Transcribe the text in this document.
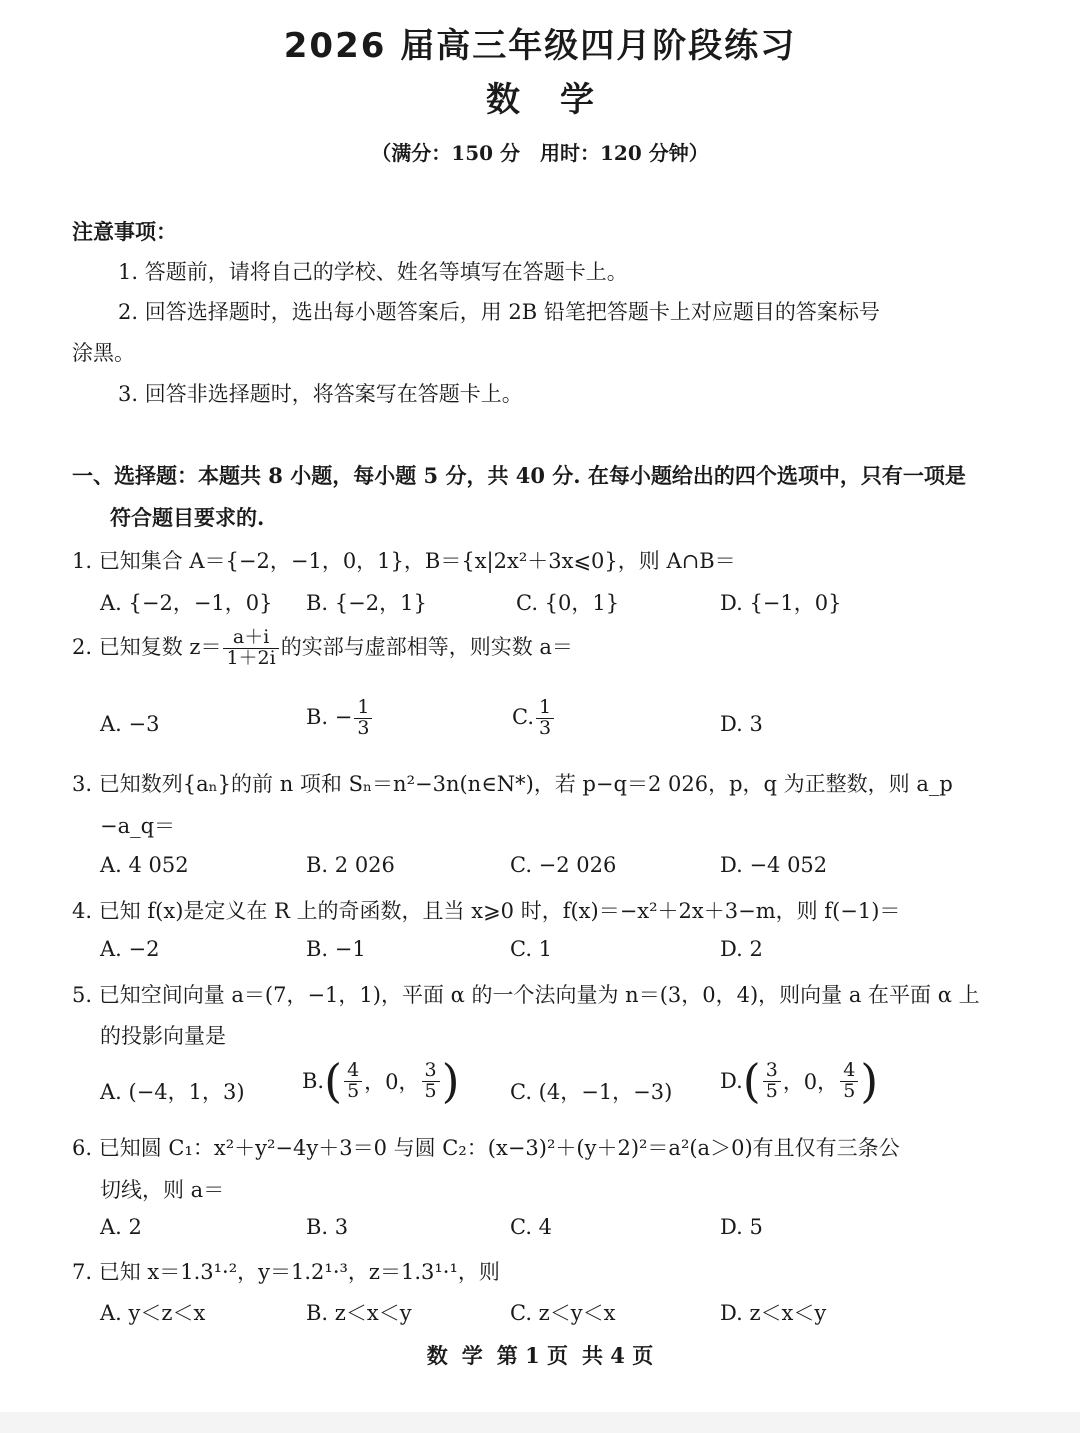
2026 届高三年级四月阶段练习
数 学
（满分：150 分　用时：120 分钟）
注意事项：
1. 答题前，请将自己的学校、姓名等填写在答题卡上。
2. 回答选择题时，选出每小题答案后，用 2B 铅笔把答题卡上对应题目的答案标号
涂黑。
3. 回答非选择题时，将答案写在答题卡上。
一、选择题：本题共 8 小题，每小题 5 分，共 40 分. 在每小题给出的四个选项中，只有一项是
符合题目要求的.
1. 已知集合 A＝{−2，−1，0，1}，B＝{x|2x²＋3x⩽0}，则 A∩B＝
A. {−2，−1，0} B. {−2，1}	C. {0，1}	D. {−1，0}
2. 已知复数 $z= \frac{a+i}{1+2i}$ 的实部与虚部相等，则实数 a＝
A. −3	B. − $\frac{1}{3}$	C. $\frac{1}{3}$	D. 3
3. 已知数列{aₙ}的前 n 项和 Sₙ＝n²−3n(n∈N*)，若 p−q＝2 026，p，q 为正整数，则 a_p
−a_q＝
A. 4 052	B. 2 026	C. −2 026	D. −4 052
4. 已知 f(x)是定义在 R 上的奇函数，且当 x⩾0 时，f(x)＝−x²＋2x＋3−m，则 f(−1)＝
A. −2	B. −1	C. 1	D. 2
5. 已知空间向量 a＝(7，−1，1)，平面 α 的一个法向量为 n＝(3，0，4)，则向量 a 在平面 α 上
的投影向量是
A. (−4，1，3)	$B.( \frac{4}{5}$ ，0， $\frac{3}{5}$ ) C. (4，−1，−3) $D.( \frac{3}{5}$ ，0， $\frac{4}{5}$ )
6. 已知圆 C₁：x²＋y²−4y＋3＝0 与圆 C₂：(x−3)²＋(y＋2)²＝a²(a＞0)有且仅有三条公
切线，则 a＝
A. 2	B. 3	C. 4	D. 5
7. 已知 x＝1.3¹·²，y＝1.2¹·³，z＝1.3¹·¹，则
A. y＜z＜x	B. z＜x＜y	C. z＜y＜x	D. z＜x＜y
数 学 第 1 页 共 4 页
